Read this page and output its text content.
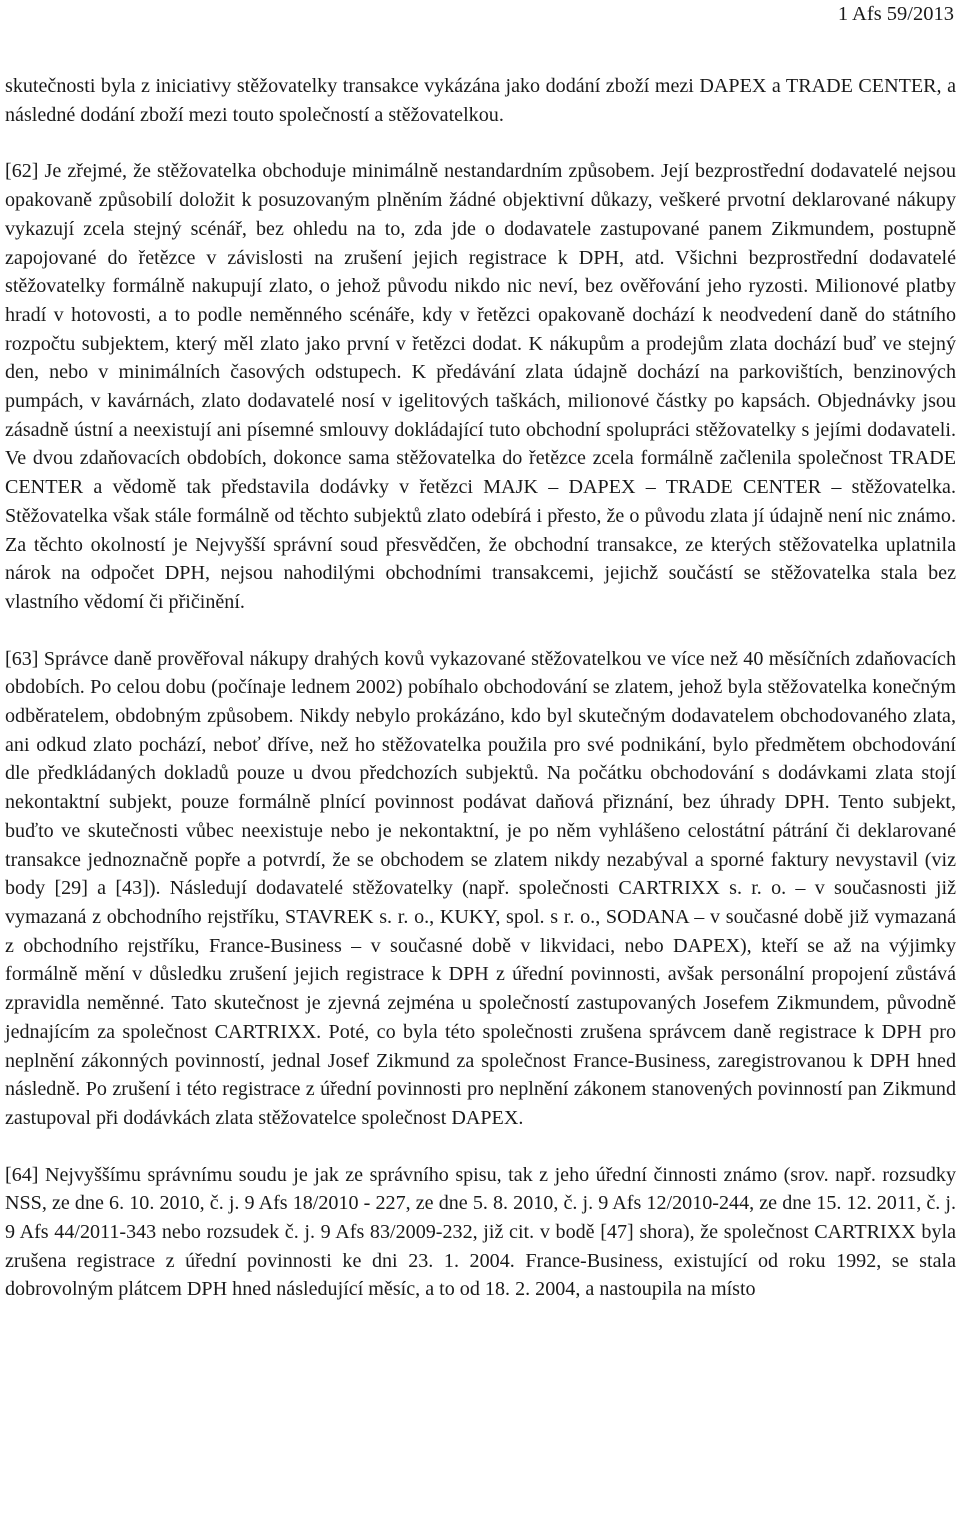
1 Afs 59/2013

skutečnosti byla z iniciativy stěžovatelky transakce vykázána jako dodání zboží mezi DAPEX a TRADE CENTER, a následné dodání zboží mezi touto společností a stěžovatelkou.

[62] Je zřejmé, že stěžovatelka obchoduje minimálně nestandardním způsobem. Její bezprostřední dodavatelé nejsou opakovaně způsobilí doložit k posuzovaným plněním žádné objektivní důkazy, veškeré prvotní deklarované nákupy vykazují zcela stejný scénář, bez ohledu na to, zda jde o dodavatele zastupované panem Zikmundem, postupně zapojované do řetězce v závislosti na zrušení jejich registrace k DPH, atd. Všichni bezprostřední dodavatelé stěžovatelky formálně nakupují zlato, o jehož původu nikdo nic neví, bez ověřování jeho ryzosti. Milionové platby hradí v hotovosti, a to podle neměnného scénáře, kdy v řetězci opakovaně dochází k neodvedení daně do státního rozpočtu subjektem, který měl zlato jako první v řetězci dodat. K nákupům a prodejům zlata dochází buď ve stejný den, nebo v minimálních časových odstupech. K předávání zlata údajně dochází na parkovištích, benzinových pumpách, v kavárnách, zlato dodavatelé nosí v igelitových taškách, milionové částky po kapsách. Objednávky jsou zásadně ústní a neexistují ani písemné smlouvy dokládající tuto obchodní spolupráci stěžovatelky s jejími dodavateli. Ve dvou zdaňovacích obdobích, dokonce sama stěžovatelka do řetězce zcela formálně začlenila společnost TRADE CENTER a vědomě tak představila dodávky v řetězci MAJK – DAPEX – TRADE CENTER – stěžovatelka. Stěžovatelka však stále formálně od těchto subjektů zlato odebírá i přesto, že o původu zlata jí údajně není nic známo. Za těchto okolností je Nejvyšší správní soud přesvědčen, že obchodní transakce, ze kterých stěžovatelka uplatnila nárok na odpočet DPH, nejsou nahodilými obchodními transakcemi, jejichž součástí se stěžovatelka stala bez vlastního vědomí či přičinění.

[63] Správce daně prověřoval nákupy drahých kovů vykazované stěžovatelkou ve více než 40 měsíčních zdaňovacích obdobích. Po celou dobu (počínaje lednem 2002) pobíhalo obchodování se zlatem, jehož byla stěžovatelka konečným odběratelem, obdobným způsobem. Nikdy nebylo prokázáno, kdo byl skutečným dodavatelem obchodovaného zlata, ani odkud zlato pochází, neboť dříve, než ho stěžovatelka použila pro své podnikání, bylo předmětem obchodování dle předkládaných dokladů pouze u dvou předchozích subjektů. Na počátku obchodování s dodávkami zlata stojí nekontaktní subjekt, pouze formálně plnící povinnost podávat daňová přiznání, bez úhrady DPH. Tento subjekt, buďto ve skutečnosti vůbec neexistuje nebo je nekontaktní, je po něm vyhlášeno celostátní pátrání či deklarované transakce jednoznačně popře a potvrdí, že se obchodem se zlatem nikdy nezabýval a sporné faktury nevystavil (viz body [29] a [43]). Následují dodavatelé stěžovatelky (např. společnosti CARTRIXX s. r. o. – v současnosti již vymazaná z obchodního rejstříku, STAVREK s. r. o., KUKY, spol. s r. o., SODANA – v současné době již vymazaná z obchodního rejstříku, France-Business – v současné době v likvidaci, nebo DAPEX), kteří se až na výjimky formálně mění v důsledku zrušení jejich registrace k DPH z úřední povinnosti, avšak personální propojení zůstává zpravidla neměnné. Tato skutečnost je zjevná zejména u společností zastupovaných Josefem Zikmundem, původně jednajícím za společnost CARTRIXX. Poté, co byla této společnosti zrušena správcem daně registrace k DPH pro neplnění zákonných povinností, jednal Josef Zikmund za společnost France-Business, zaregistrovanou k DPH hned následně. Po zrušení i této registrace z úřední povinnosti pro neplnění zákonem stanovených povinností pan Zikmund zastupoval při dodávkách zlata stěžovatelce společnost DAPEX.

[64] Nejvyššímu správnímu soudu je jak ze správního spisu, tak z jeho úřední činnosti známo (srov. např. rozsudky NSS, ze dne 6. 10. 2010, č. j. 9 Afs 18/2010 - 227, ze dne 5. 8. 2010, č. j. 9 Afs 12/2010-244, ze dne 15. 12. 2011, č. j. 9 Afs 44/2011-343 nebo rozsudek č. j. 9 Afs 83/2009-232, již cit. v bodě [47] shora), že společnost CARTRIXX byla zrušena registrace z úřední povinnosti ke dni 23. 1. 2004. France-Business, existující od roku 1992, se stala dobrovolným plátcem DPH hned následující měsíc, a to od 18. 2. 2004, a nastoupila na místo
